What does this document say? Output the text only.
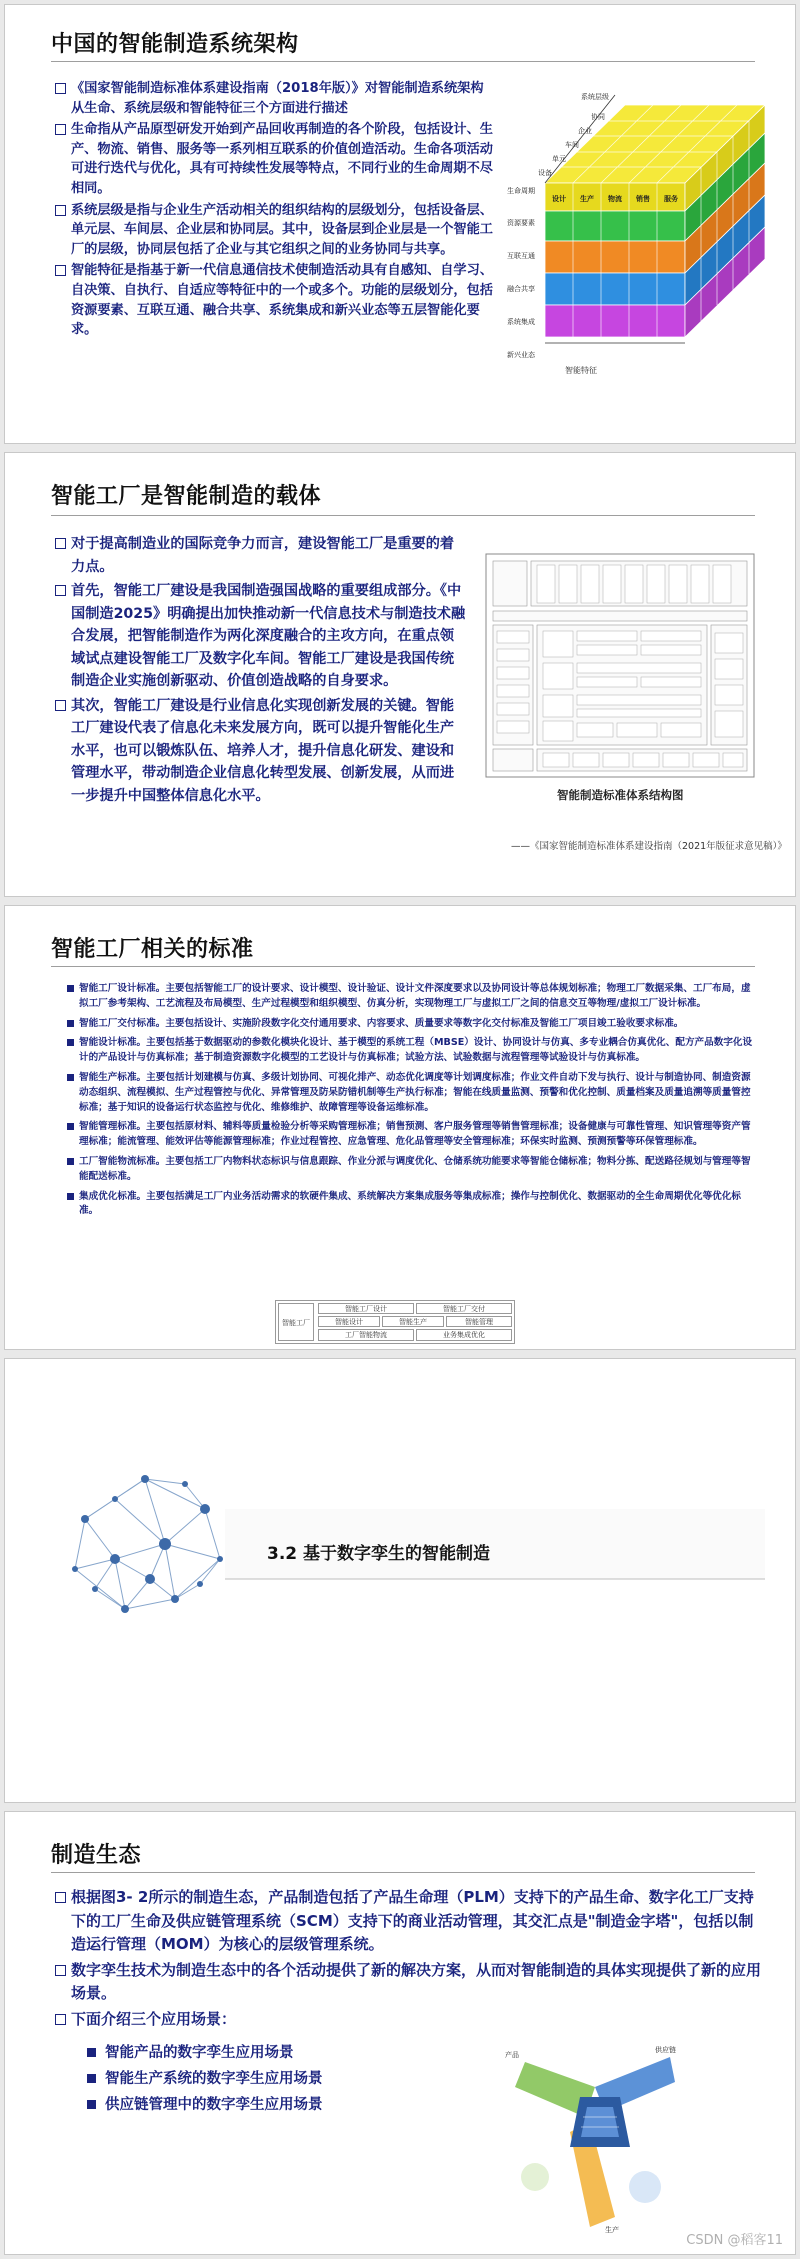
中国的智能制造系统架构
《国家智能制造标准体系建设指南（2018年版）》对智能制造系统架构从生命、系统层级和智能特征三个方面进行描述
生命指从产品原型研发开始到产品回收再制造的各个阶段，包括设计、生产、物流、销售、服务等一系列相互联系的价值创造活动。生命各项活动可进行迭代与优化，具有可持续性发展等特点，不同行业的生命周期不尽相同。
系统层级是指与企业生产活动相关的组织结构的层级划分，包括设备层、单元层、车间层、企业层和协同层。其中，设备层到企业层是一个智能工厂的层级，协同层包括了企业与其它组织之间的业务协同与共享。
智能特征是指基于新一代信息通信技术使制造活动具有自感知、自学习、自决策、自执行、自适应等特征中的一个或多个。功能的层级划分，包括资源要素、互联互通、融合共享、系统集成和新兴业态等五层智能化要求。
系统层级
协同
企业
车间
单元
设备
生命周期
资源要素
互联互通
融合共享
系统集成
新兴业态
智能特征
设计 生产 物流 销售 服务
智能工厂是智能制造的载体
对于提高制造业的国际竞争力而言，建设智能工厂是重要的着力点。
首先，智能工厂建设是我国制造强国战略的重要组成部分。《中国制造2025》明确提出加快推动新一代信息技术与制造技术融合发展，把智能制造作为两化深度融合的主攻方向，在重点领域试点建设智能工厂及数字化车间。智能工厂建设是我国传统制造企业实施创新驱动、价值创造战略的自身要求。
其次，智能工厂建设是行业信息化实现创新发展的关键。智能工厂建设代表了信息化未来发展方向，既可以提升智能化生产水平，也可以锻炼队伍、培养人才，提升信息化研发、建设和管理水平，带动制造企业信息化转型发展、创新发展，从而进一步提升中国整体信息化水平。	智能制造标准体系结构图
——《国家智能制造标准体系建设指南（2021年版征求意见稿）》
智能工厂相关的标准
智能工厂设计标准。主要包括智能工厂的设计要求、设计模型、设计验证、设计文件深度要求以及协同设计等总体规划标准；物理工厂数据采集、工厂布局，虚拟工厂参考架构、工艺流程及布局模型、生产过程模型和组织模型、仿真分析，实现物理工厂与虚拟工厂之间的信息交互等物理/虚拟工厂设计标准。
智能工厂交付标准。主要包括设计、实施阶段数字化交付通用要求、内容要求、质量要求等数字化交付标准及智能工厂项目竣工验收要求标准。
智能设计标准。主要包括基于数据驱动的参数化模块化设计、基于模型的系统工程（MBSE）设计、协同设计与仿真、多专业耦合仿真优化、配方产品数字化设计的产品设计与仿真标准；基于制造资源数字化模型的工艺设计与仿真标准；试验方法、试验数据与流程管理等试验设计与仿真标准。
智能生产标准。主要包括计划建模与仿真、多级计划协同、可视化排产、动态优化调度等计划调度标准；作业文件自动下发与执行、设计与制造协同、制造资源动态组织、流程模拟、生产过程管控与优化、异常管理及防呆防错机制等生产执行标准；智能在线质量监测、预警和优化控制、质量档案及质量追溯等质量管控标准；基于知识的设备运行状态监控与优化、维修维护、故障管理等设备运维标准。
智能管理标准。主要包括原材料、辅料等质量检验分析等采购管理标准；销售预测、客户服务管理等销售管理标准；设备健康与可靠性管理、知识管理等资产管理标准；能流管理、能效评估等能源管理标准；作业过程管控、应急管理、危化品管理等安全管理标准；环保实时监测、预测预警等环保管理标准。
工厂智能物流标准。主要包括工厂内物料状态标识与信息跟踪、作业分派与调度优化、仓储系统功能要求等智能仓储标准；物料分拣、配送路径规划与管理等智能配送标准。
集成优化标准。主要包括满足工厂内业务活动需求的软硬件集成、系统解决方案集成服务等集成标准；操作与控制优化、数据驱动的全生命周期优化等优化标准。
智能工厂
智能工厂设计	智能工厂交付
智能设计	智能生产	智能管理
工厂智能物流	业务集成优化
3.2 基于数字孪生的智能制造
制造生态
根据图3- 2所示的制造生态，产品制造包括了产品生命理（PLM）支持下的产品生命、数字化工厂支持下的工厂生命及供应链管理系统（SCM）支持下的商业活动管理，其交汇点是"制造金字塔"，包括以制造运行管理（MOM）为核心的层级管理系统。
数字孪生技术为制造生态中的各个活动提供了新的解决方案，从而对智能制造的具体实现提供了新的应用场景。
下面介绍三个应用场景：
智能产品的数字孪生应用场景
智能生产系统的数字孪生应用场景
供应链管理中的数字孪生应用场景
产品
生产
供应链
CSDN @稻客11
